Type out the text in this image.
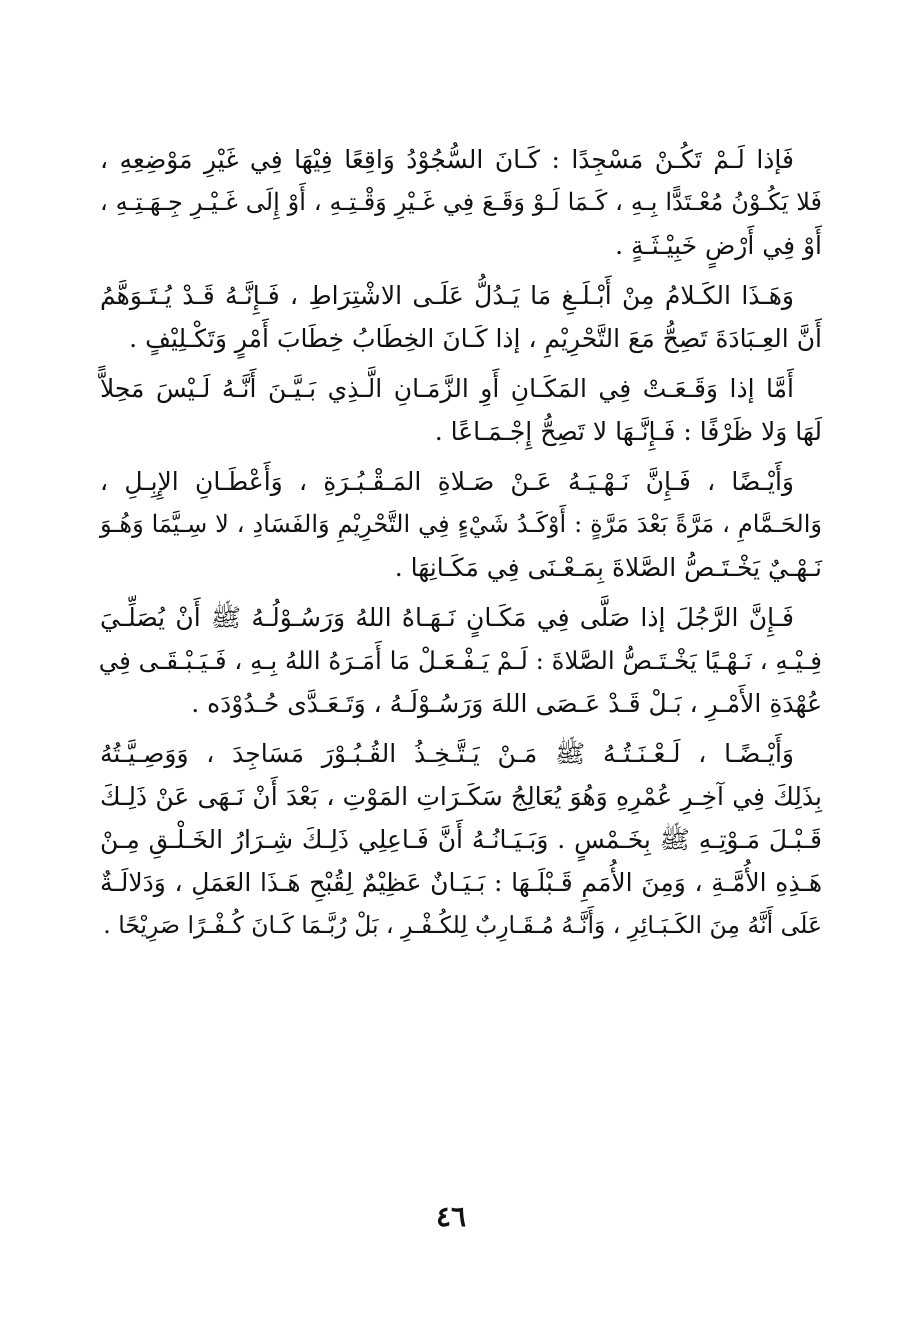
فَإذا لَـمْ تَكُـنْ مَسْجِدًا : كَـانَ السُّجُوْدُ وَاقِعًا فِيْهَا فِي غَيْرِ مَوْضِعِهِ ،
فَلا يَكُـوْنُ مُعْـتَدًّا بِـهِ ، كَـمَا لَـوْ وَقَـعَ فِي غَـيْرِ وَقْـتِـهِ ، أَوْ إِلَى غَـيْـرِ جِـهَـتِـهِ ،
أَوْ فِي أَرْضٍ خَبِيْـثَـةٍ .
وَهَـذَا الكَـلامُ مِنْ أَبْـلَـغِ مَا يَـدُلُّ عَلَـى الاشْتِرَاطِ ، فَـإِنَّـهُ قَـدْ يُـتَـوَهَّمُ
أَنَّ العِـبَادَةَ تَصِحُّ مَعَ التَّحْرِيْمِ ، إذا كَـانَ الخِطَابُ خِطَابَ أَمْرٍ وَتَكْـلِيْفٍ .
أَمَّا إذا وَقَـعَـتْ فِي المَكَـانِ أَوِ الزَّمَـانِ الَّـذِي بَـيَّـنَ أَنَّـهُ لَـيْسَ مَحِلاًّ
لَهَا وَلا ظَرْفًا : فَـإِنَّـهَا لا تَصِحُّ إِجْـمَـاعًا .
وَأَيْـضًا ، فَـإِنَّ نَـهْـيَـهُ عَـنْ صَـلاةِ المَـقْـبُـرَةِ ، وَأَعْطَـانِ الإِبِـلِ ،
وَالحَـمَّامِ ، مَرَّةً بَعْدَ مَرَّةٍ : أَوْكَـدُ شَيْءٍ فِي التَّحْرِيْمِ وَالفَسَادِ ، لا سِـيَّمَا وَهُـوَ
نَـهْـيٌ يَخْـتَـصُّ الصَّلاةَ بِمَـعْـنَى فِي مَكَـانِهَا .
فَـإِنَّ الرَّجُلَ إذا صَلَّى فِي مَكَـانٍ نَـهَـاهُ اللهُ وَرَسُـوْلُـهُ ﷺ أَنْ يُصَلِّـيَ
فِـيْـهِ ، نَـهْـيًا يَخْـتَـصُّ الصَّلاةَ : لَـمْ يَـفْـعَـلْ مَا أَمَـرَهُ اللهُ بِـهِ ، فَـيَـبْـقَـى فِي
عُهْدَةِ الأَمْـرِ ، بَـلْ قَـدْ عَـصَى اللهَ وَرَسُـوْلَـهُ ، وَتَـعَـدَّى حُـدُوْدَه .
وَأَيْـضًـا ، لَـعْـنَـتُـهُ ﷺ مَـنْ يَـتَّـخِـذُ القُـبُـوْرَ مَسَاجِدَ ، وَوَصِـيَّـتُهُ
بِذَلِكَ فِي آخِـرِ عُمْرِهِ وَهُوَ يُعَالِجُ سَكَـرَاتِ المَوْتِ ، بَعْدَ أَنْ نَـهَى عَنْ ذَلِـكَ
قَـبْـلَ مَـوْتِـهِ ﷺ بِخَـمْسٍ . وَبَـيَـانُـهُ أَنَّ فَـاعِلِي ذَلِـكَ شِـرَارُ الخَـلْـقِ مِـنْ
هَـذِهِ الأُمَّـةِ ، وَمِنَ الأُمَمِ قَـبْلَـهَا : بَـيَـانٌ عَظِيْمٌ لِقُبْحِ هَـذَا العَمَلِ ، وَدَلالَـةٌ
عَلَى أَنَّهُ مِنَ الكَـبَـائِرِ ، وَأَنَّـهُ مُـقَـارِبٌ لِلكُـفْـرِ ، بَلْ رُبَّـمَا كَـانَ كُـفْـرًا صَرِيْحًا .
٤٦
